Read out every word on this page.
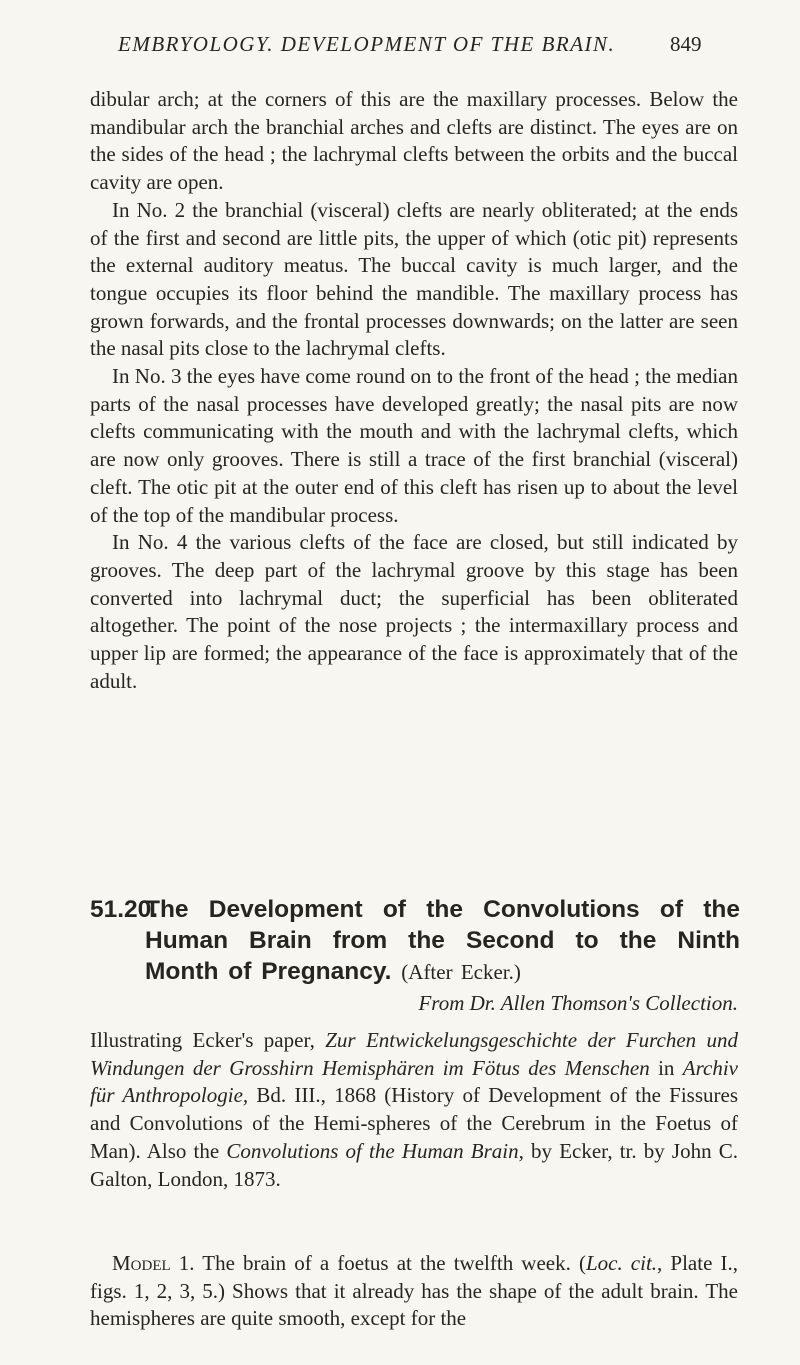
EMBRYOLOGY. DEVELOPMENT OF THE BRAIN.	849

dibular arch; at the corners of this are the maxillary processes. Below the mandibular arch the branchial arches and clefts are distinct. The eyes are on the sides of the head ; the lachrymal clefts between the orbits and the buccal cavity are open.

In No. 2 the branchial (visceral) clefts are nearly obliterated; at the ends of the first and second are little pits, the upper of which (otic pit) represents the external auditory meatus. The buccal cavity is much larger, and the tongue occupies its floor behind the mandible. The maxillary process has grown forwards, and the frontal processes downwards; on the latter are seen the nasal pits close to the lachrymal clefts.

In No. 3 the eyes have come round on to the front of the head ; the median parts of the nasal processes have developed greatly; the nasal pits are now clefts communicating with the mouth and with the lachrymal clefts, which are now only grooves. There is still a trace of the first branchial (visceral) cleft. The otic pit at the outer end of this cleft has risen up to about the level of the top of the mandibular process.

In No. 4 the various clefts of the face are closed, but still indicated by grooves. The deep part of the lachrymal groove by this stage has been converted into lachrymal duct; the superficial has been obliterated altogether. The point of the nose projects ; the intermaxillary process and upper lip are formed; the appearance of the face is approximately that of the adult.

51.20.

The Development of the Convolutions of the Human Brain from the Second to the Ninth Month of Pregnancy. (After Ecker.)

From Dr. Allen Thomson's Collection.

Illustrating Ecker's paper, Zur Entwickelungsgeschichte der Furchen und Windungen der Grosshirn Hemisphären im Fötus des Menschen in Archiv für Anthropologie, Bd. III., 1868 (History of Development of the Fissures and Convolutions of the Hemi-spheres of the Cerebrum in the Foetus of Man). Also the Convolutions of the Human Brain, by Ecker, tr. by John C. Galton, London, 1873.

Model 1. The brain of a foetus at the twelfth week. (Loc. cit., Plate I., figs. 1, 2, 3, 5.) Shows that it already has the shape of the adult brain. The hemispheres are quite smooth, except for the
